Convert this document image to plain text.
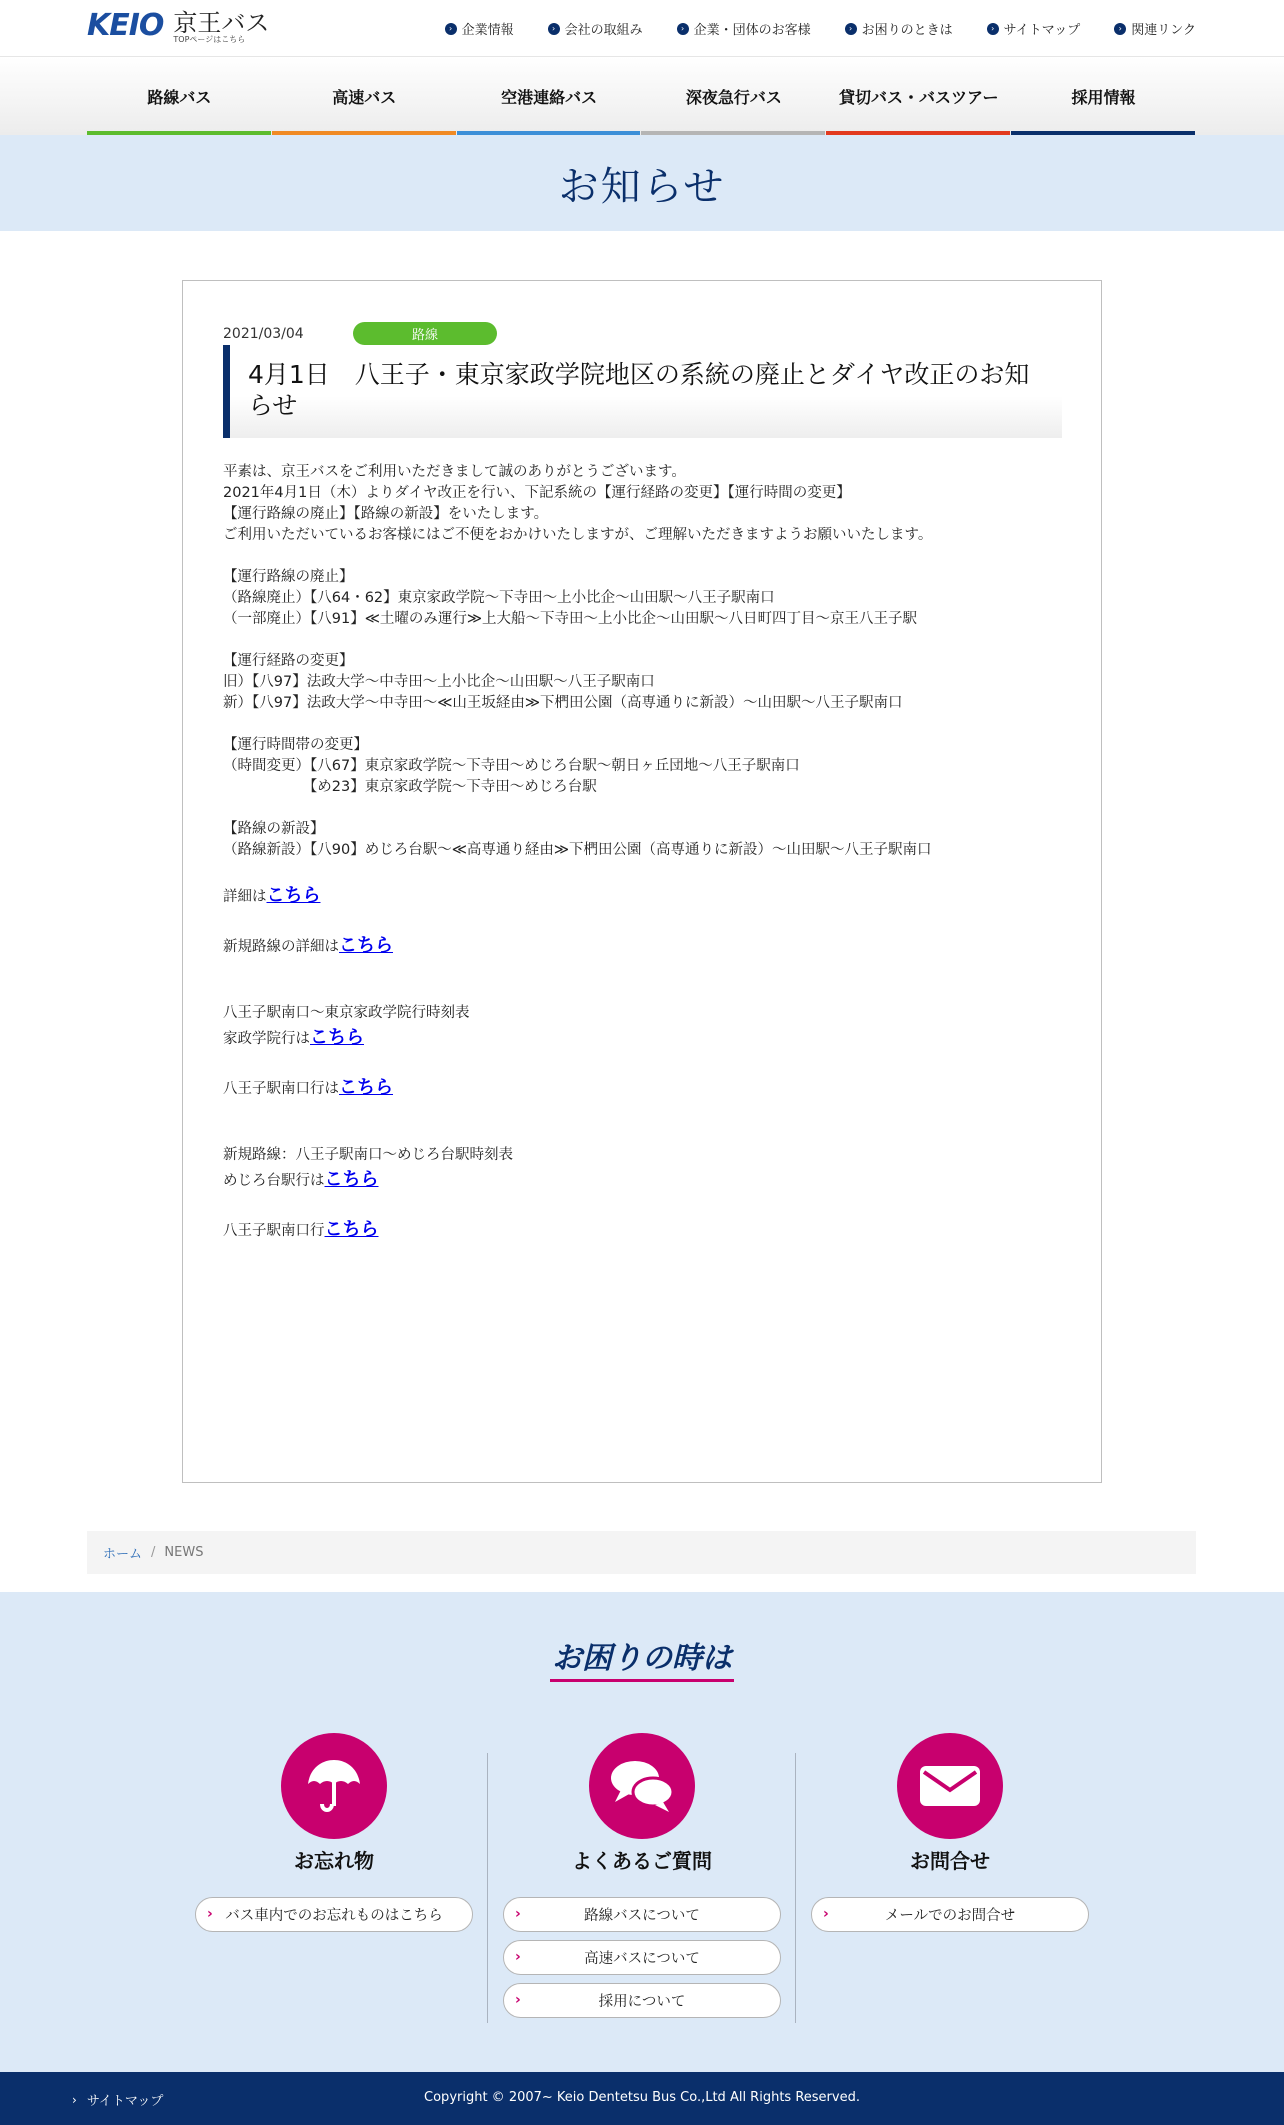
KEIO 京王バス
TOPページはこちら
› 企業情報	› 会社の取組み	› 企業・団体のお客様	› お困りのときは	› サイトマップ	› 関連リンク
路線バス	高速バス	空港連絡バス	深夜急行バス	貸切バス・バスツアー	採用情報
お知らせ
2021/03/04	路線
4月1日　八王子・東京家政学院地区の系統の廃止とダイヤ改正のお知らせ

平素は、京王バスをご利用いただきまして誠のありがとうございます。

2021年4月1日（木）よりダイヤ改正を行い、下記系統の【運行経路の変更】【運行時間の変更】

【運行路線の廃止】【路線の新設】をいたします。

ご利用いただいているお客様にはご不便をおかけいたしますが、ご理解いただきますようお願いいたします。

【運行路線の廃止】

（路線廃止）【八64・62】東京家政学院～下寺田～上小比企～山田駅～八王子駅南口

（一部廃止）【八91】≪土曜のみ運行≫上大船～下寺田～上小比企～山田駅～八日町四丁目～京王八王子駅

【運行経路の変更】

旧）【八97】法政大学～中寺田～上小比企～山田駅～八王子駅南口

新）【八97】法政大学～中寺田～≪山王坂経由≫下椚田公園（高専通りに新設）～山田駅～八王子駅南口

【運行時間帯の変更】

（時間変更）【八67】東京家政学院～下寺田～めじろ台駅～朝日ヶ丘団地～八王子駅南口

　　　　　　【め23】東京家政学院～下寺田～めじろ台駅

【路線の新設】

（路線新設）【八90】めじろ台駅～≪高専通り経由≫下椚田公園（高専通りに新設）～山田駅～八王子駅南口

詳細はこちら

新規路線の詳細はこちら

八王子駅南口～東京家政学院行時刻表

家政学院行はこちら

八王子駅南口行はこちら

新規路線：八王子駅南口～めじろ台駅時刻表

めじろ台駅行はこちら

八王子駅南口行こちら

ホーム / NEWS
お困りの時は
お忘れ物
› バス車内でのお忘れものはこちら
よくあるご質問
›	路線バスについて
›	高速バスについて
›	採用について
お問合せ
›	メールでのお問合せ
› サイトマップ	Copyright © 2007~ Keio Dentetsu Bus Co.,Ltd All Rights Reserved.
